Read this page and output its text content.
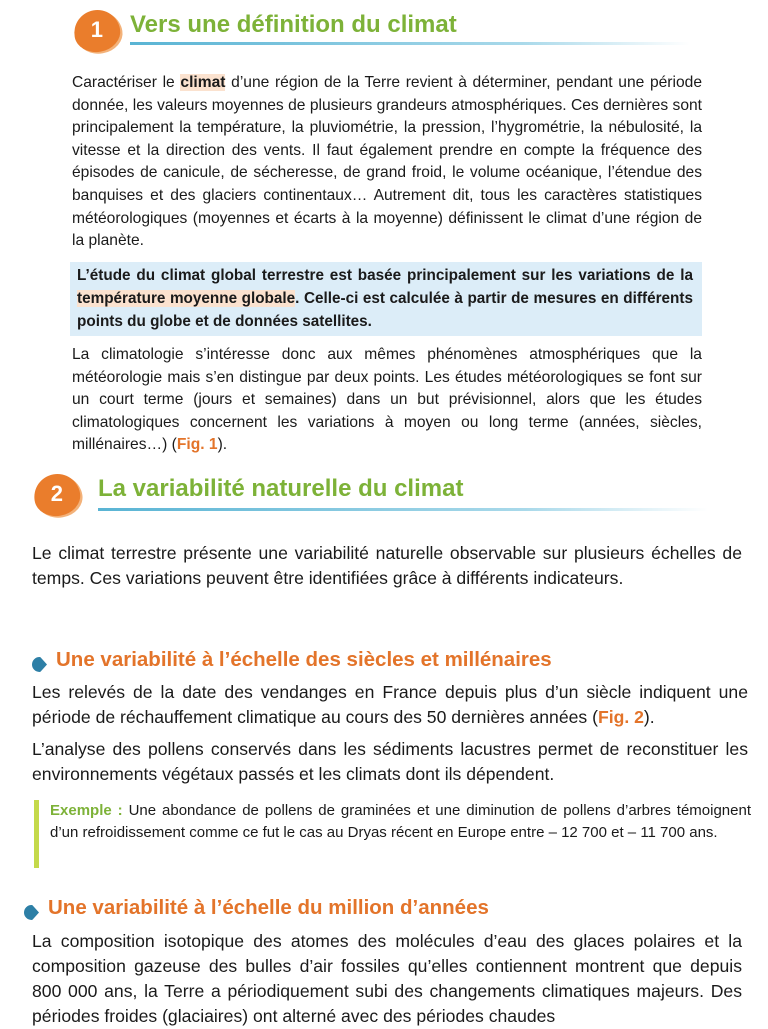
1	Vers une définition du climat

Caractériser le climat d’une région de la Terre revient à déterminer, pendant une période donnée, les valeurs moyennes de plusieurs grandeurs atmosphériques. Ces dernières sont principalement la température, la pluviométrie, la pression, l’hygrométrie, la nébulosité, la vitesse et la direction des vents. Il faut également prendre en compte la fréquence des épisodes de canicule, de sécheresse, de grand froid, le volume océanique, l’étendue des banquises et des glaciers continentaux… Autrement dit, tous les caractères statistiques météorologiques (moyennes et écarts à la moyenne) définissent le climat d’une région de la planète.

L’étude du climat global terrestre est basée principalement sur les variations de la température moyenne globale. Celle-ci est calculée à partir de mesures en différents points du globe et de données satellites.

La climatologie s’intéresse donc aux mêmes phénomènes atmosphériques que la météorologie mais s’en distingue par deux points. Les études météorologiques se font sur un court terme (jours et semaines) dans un but prévisionnel, alors que les études climatologiques concernent les variations à moyen ou long terme (années, siècles, millénaires…) (Fig. 1).

2	La variabilité naturelle du climat

Le climat terrestre présente une variabilité naturelle observable sur plusieurs échelles de temps. Ces variations peuvent être identifiées grâce à différents indicateurs.

Une variabilité à l’échelle des siècles et millénaires

Les relevés de la date des vendanges en France depuis plus d’un siècle indiquent une période de réchauffement climatique au cours des 50 dernières années (Fig. 2).

L’analyse des pollens conservés dans les sédiments lacustres permet de reconstituer les environnements végétaux passés et les climats dont ils dépendent.

Exemple : Une abondance de pollens de graminées et une diminution de pollens d’arbres témoignent d’un refroidissement comme ce fut le cas au Dryas récent en Europe entre – 12 700 et – 11 700 ans.

Une variabilité à l’échelle du million d’années

La composition isotopique des atomes des molécules d’eau des glaces polaires et la composition gazeuse des bulles d’air fossiles qu’elles contiennent montrent que depuis 800 000 ans, la Terre a périodiquement subi des changements climatiques majeurs. Des périodes froides (glaciaires) ont alterné avec des périodes chaudes
